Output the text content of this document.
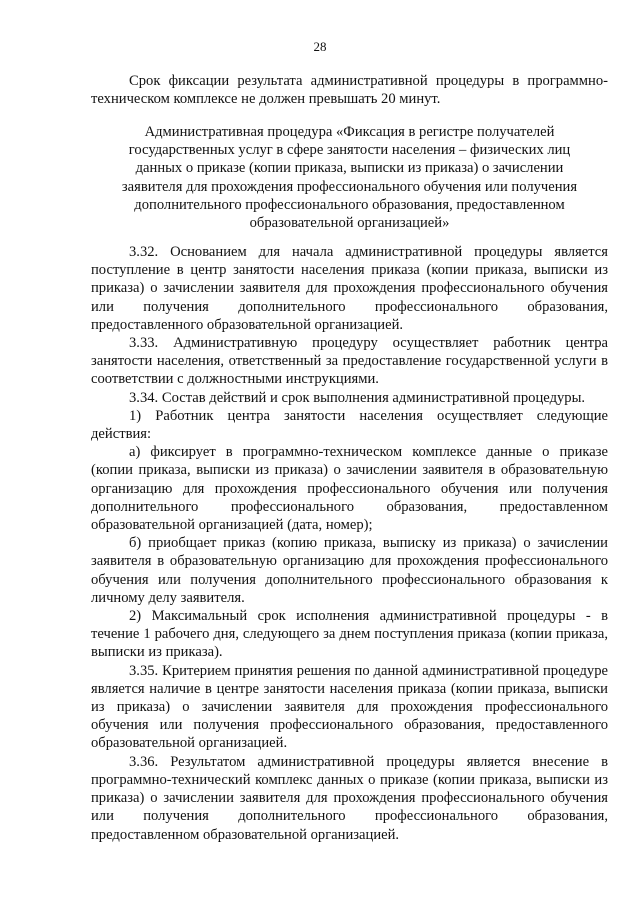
28

Срок фиксации результата административной процедуры в программно-техническом комплексе не должен превышать 20 минут.

Административная процедура «Фиксация в регистре получателей государственных услуг в сфере занятости населения – физических лиц данных о приказе (копии приказа, выписки из приказа) о зачислении заявителя для прохождения профессионального обучения или получения дополнительного профессионального образования, предоставленном образовательной организацией»

3.32. Основанием для начала административной процедуры является поступление в центр занятости населения приказа (копии приказа, выписки из приказа) о зачислении заявителя для прохождения профессионального обучения или получения дополнительного профессионального образования, предоставленного образовательной организацией.

3.33. Административную процедуру осуществляет работник центра занятости населения, ответственный за предоставление государственной услуги в соответствии с должностными инструкциями.

3.34. Состав действий и срок выполнения административной процедуры.

1) Работник центра занятости населения осуществляет следующие действия:

а) фиксирует в программно-техническом комплексе данные о приказе (копии приказа, выписки из приказа) о зачислении заявителя в образовательную организацию для прохождения профессионального обучения или получения дополнительного профессионального образования, предоставленном образовательной организацией (дата, номер);

б) приобщает приказ (копию приказа, выписку из приказа) о зачислении заявителя в образовательную организацию для прохождения профессионального обучения или получения дополнительного профессионального образования к личному делу заявителя.

2) Максимальный срок исполнения административной процедуры - в течение 1 рабочего дня, следующего за днем поступления приказа (копии приказа, выписки из приказа).

3.35. Критерием принятия решения по данной административной процедуре является наличие в центре занятости населения приказа (копии приказа, выписки из приказа) о зачислении заявителя для прохождения профессионального обучения или получения профессионального образования, предоставленного образовательной организацией.

3.36. Результатом административной процедуры является внесение в программно-технический комплекс данных о приказе (копии приказа, выписки из приказа) о зачислении заявителя для прохождения профессионального обучения или получения дополнительного профессионального образования, предоставленном образовательной организацией.
